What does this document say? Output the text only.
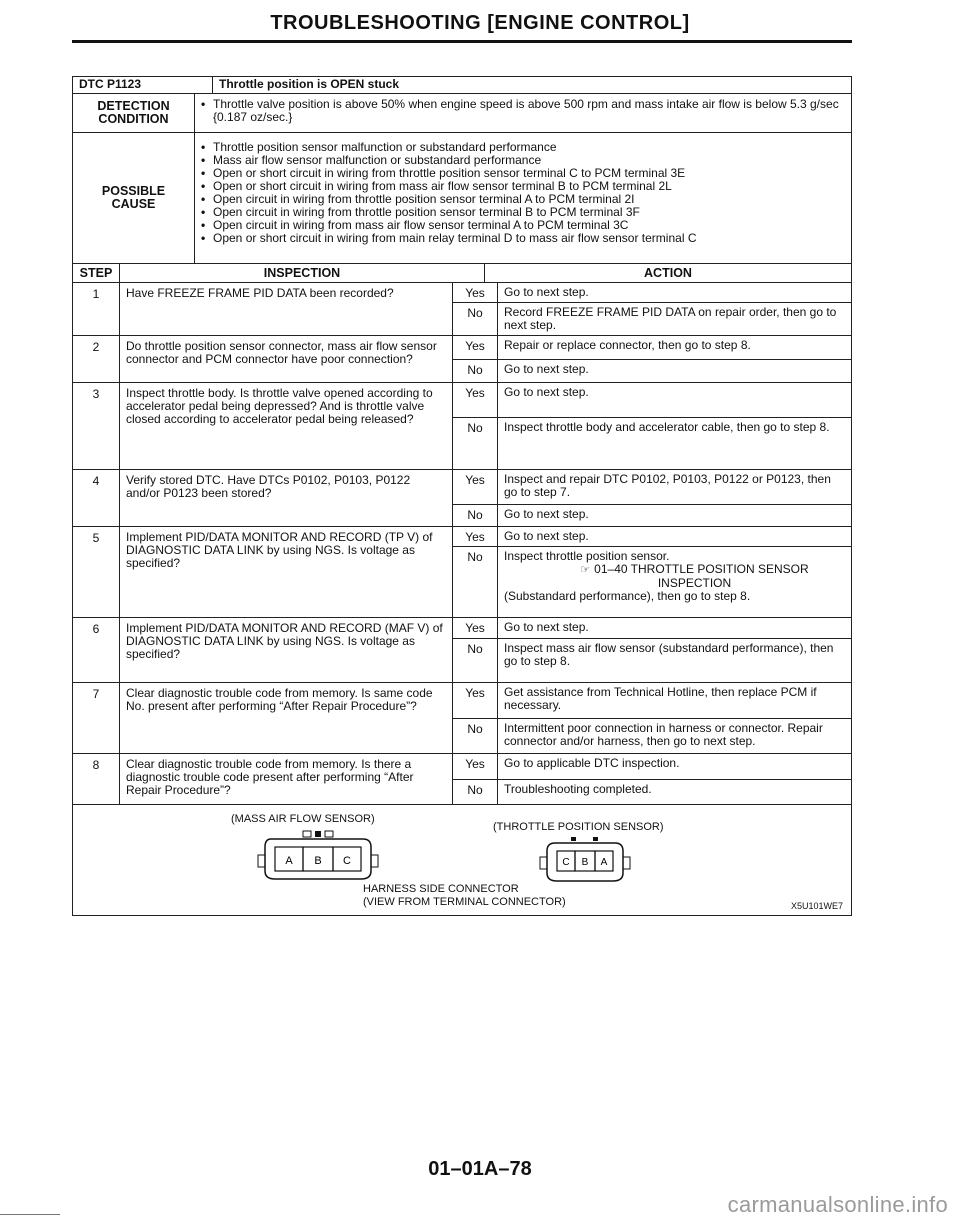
TROUBLESHOOTING [ENGINE CONTROL]
DTC P1123	Throttle position is OPEN stuck
DETECTION
CONDITION
• Throttle valve position is above 50% when engine speed is above 500 rpm and mass intake air flow is below 5.3 g/sec {0.187 oz/sec.}
POSSIBLE
CAUSE
• Throttle position sensor malfunction or substandard performance
• Mass air flow sensor malfunction or substandard performance
• Open or short circuit in wiring from throttle position sensor terminal C to PCM terminal 3E
• Open or short circuit in wiring from mass air flow sensor terminal B to PCM terminal 2L
• Open circuit in wiring from throttle position sensor terminal A to PCM terminal 2I
• Open circuit in wiring from throttle position sensor terminal B to PCM terminal 3F
• Open circuit in wiring from mass air flow sensor terminal A to PCM terminal 3C
• Open or short circuit in wiring from main relay terminal D to mass air flow sensor terminal C
STEP	INSPECTION	ACTION
1	Have FREEZE FRAME PID DATA been recorded?	Yes	Go to next step.
No	Record FREEZE FRAME PID DATA on repair order, then go to next step.
2	Do throttle position sensor connector, mass air flow sensor connector and PCM connector have poor connection?
Yes	Repair or replace connector, then go to step 8.
No	Go to next step.
3	Inspect throttle body. Is throttle valve opened according to accelerator pedal being depressed? And is throttle valve closed according to accelerator pedal being released?
Yes	Go to next step.
No	Inspect throttle body and accelerator cable, then go to step 8.
4	Verify stored DTC. Have DTCs P0102, P0103, P0122 and/or P0123 been stored?
Yes	Inspect and repair DTC P0102, P0103, P0122 or P0123, then go to step 7.
No	Go to next step.
5	Implement PID/DATA MONITOR AND RECORD (TP V) of DIAGNOSTIC DATA LINK by using NGS. Is voltage as specified?
Yes	Go to next step.
No	Inspect throttle position sensor.
☞ 01–40 THROTTLE POSITION SENSOR INSPECTION
(Substandard performance), then go to step 8.
6	Implement PID/DATA MONITOR AND RECORD (MAF V) of DIAGNOSTIC DATA LINK by using NGS. Is voltage as specified?
Yes	Go to next step.
No	Inspect mass air flow sensor (substandard performance), then go to step 8.
7	Clear diagnostic trouble code from memory. Is same code No. present after performing “After Repair Procedure”?
Yes	Get assistance from Technical Hotline, then replace PCM if necessary.
No	Intermittent poor connection in harness or connector. Repair connector and/or harness, then go to next step.
8	Clear diagnostic trouble code from memory. Is there a diagnostic trouble code present after performing “After Repair Procedure”?
Yes	Go to applicable DTC inspection.
No	Troubleshooting completed.
(MASS AIR FLOW SENSOR)
(THROTTLE POSITION SENSOR)
A B C	C B A
HARNESS SIDE CONNECTOR
(VIEW FROM TERMINAL CONNECTOR)	X5U101WE7
01–01A–78
carmanualsonline.info
